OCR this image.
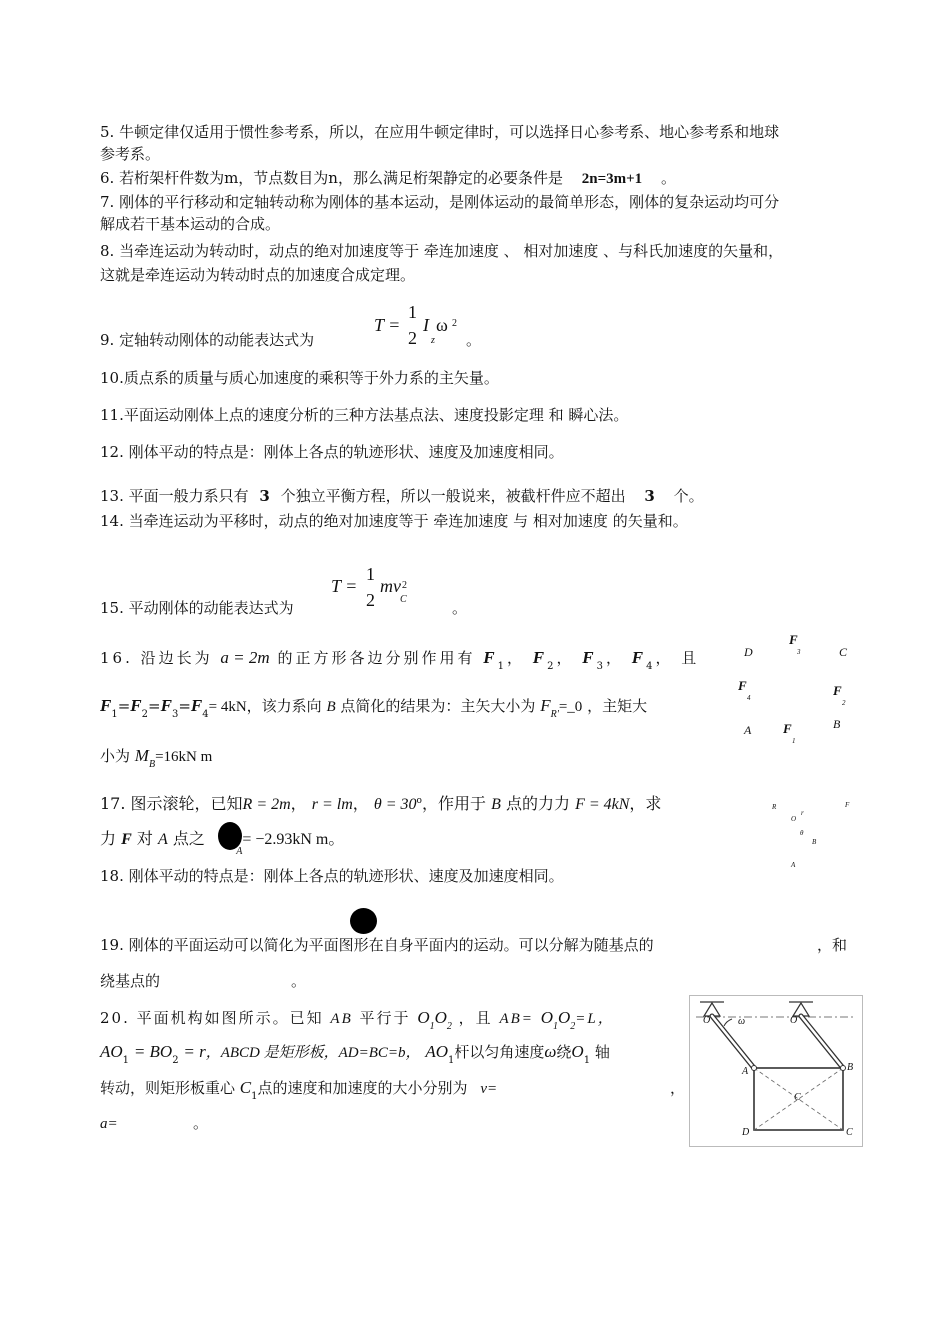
5. 牛顿定律仅适用于惯性参考系，所以，在应用牛顿定律时，可以选择日心参考系、地心参考系和地球
参考系。
6. 若桁架杆件数为m，节点数目为n，那么满足桁架静定的必要条件是 2n=3m+1 。
7. 刚体的平行移动和定轴转动称为刚体的基本运动，是刚体运动的最简单形态，刚体的复杂运动均可分
解成若干基本运动的合成。
8. 当牵连运动为转动时，动点的绝对加速度等于 牵连加速度 、 相对加速度 、与科氏加速度的矢量和，
这就是牵连运动为转动时点的加速度合成定理。
9. 定轴转动刚体的动能表达式为
T =
1
2
I
z
ω 2
。
10.质点系的质量与质心加速度的乘积等于外力系的主矢量。
11.平面运动刚体上点的速度分析的三种方法基点法、速度投影定理 和 瞬心法。
12. 刚体平动的特点是：刚体上各点的轨迹形状、速度及加速度相同。
13. 平面一般力系只有 3 个独立平衡方程，所以一般说来，被截杆件应不超出 3 个。
14. 当牵连运动为平移时，动点的绝对加速度等于 牵连加速度 与 相对加速度 的矢量和。
15. 平动刚体的动能表达式为
T =
1
2
mv
C
2
。
16. 沿边长为 a = 2m 的正方形各边分别作用有 $F_1$， $F_2$， $F_3$， $F_4$， 且
$F_1=F_2=F_3=F_4= 4kN$，该力系向 B 点简化的结果为：主矢大小为 $F_{R'}=\_0$ ，主矩大
小为 $M_B=16kN$ m
D	C
A	B
F
3
F
4	F
2
F
1
17. 图示滚轮，已知R = 2m， r = lm， $\theta = 30^o$，作用于 B 点的力力 F = 4kN，求
力 F 对 A 点之$_A$= −2.93kN m。
R
O
r
θ
B
A
F
18. 刚体平动的特点是：刚体上各点的轨迹形状、速度及加速度相同。
19. 刚体的平面运动可以简化为平面图形在自身平面内的运动。可以分解为随基点的	，和
绕基点的	。
20. 平面机构如图所示。已知 AB 平行于 $O_1O_2$ ，且 $AB= O_1O_2=L$，
$AO_1 = BO_2 = r$，ABCD 是矩形板，AD=BC=b， $AO_1$杆以匀角速度ω绕$O_1$ 轴
转动，则矩形板重心 $C_1$点的速度和加速度的大小分别为 v=	，
a=	。
O	O
ω
A	B
C
D	C
